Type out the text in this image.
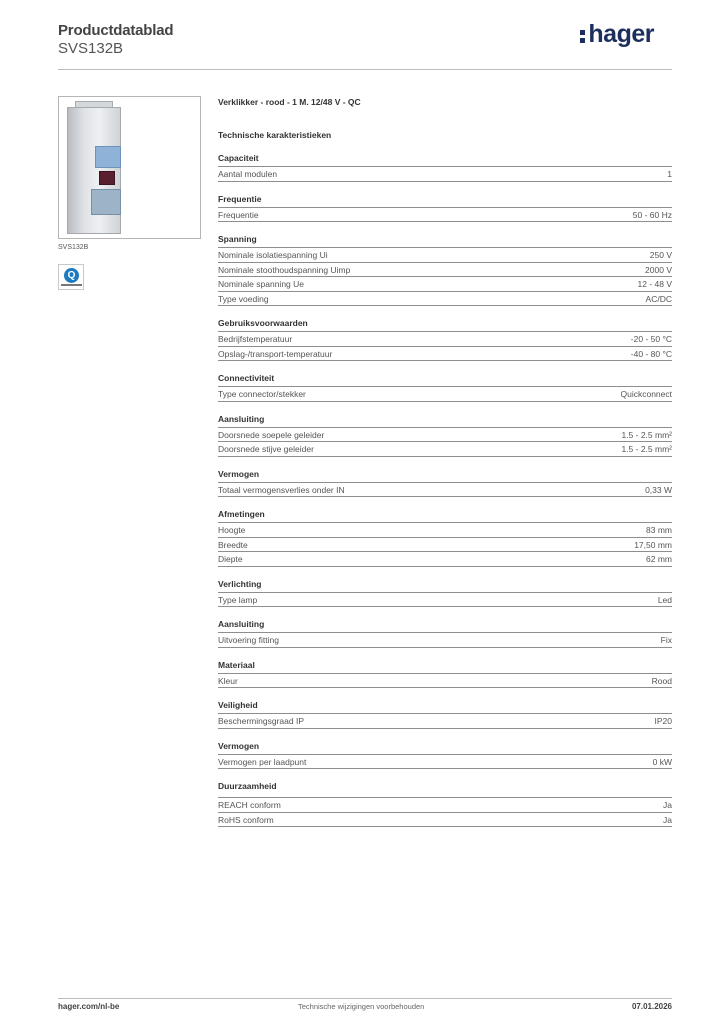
Productdatablad
SVS132B
hager
SVS132B
Q
Verklikker - rood - 1 M. 12/48 V - QC
Technische karakteristieken
Capaciteit
Aantal modulen	1
Frequentie
Frequentie	50 - 60 Hz
Spanning
Nominale isolatiespanning Ui	250 V
Nominale stoothoudspanning Uimp	2000 V
Nominale spanning Ue	12 - 48 V
Type voeding	AC/DC
Gebruiksvoorwaarden
Bedrijfstemperatuur	-20 - 50 °C
Opslag-/transport-temperatuur	-40 - 80 °C
Connectiviteit
Type connector/stekker	Quickconnect
Aansluiting
Doorsnede soepele geleider	1.5 - 2.5 mm²
Doorsnede stijve geleider	1.5 - 2.5 mm²
Vermogen
Totaal vermogensverlies onder IN	0,33 W
Afmetingen
Hoogte	83 mm
Breedte	17,50 mm
Diepte	62 mm
Verlichting
Type lamp	Led
Aansluiting
Uitvoering fitting	Fix
Materiaal
Kleur	Rood
Veiligheid
Beschermingsgraad IP	IP20
Vermogen
Vermogen per laadpunt	0 kW
Duurzaamheid
REACH conform	Ja
RoHS conform	Ja
hager.com/nl-be	Technische wijzigingen voorbehouden	07.01.2026
